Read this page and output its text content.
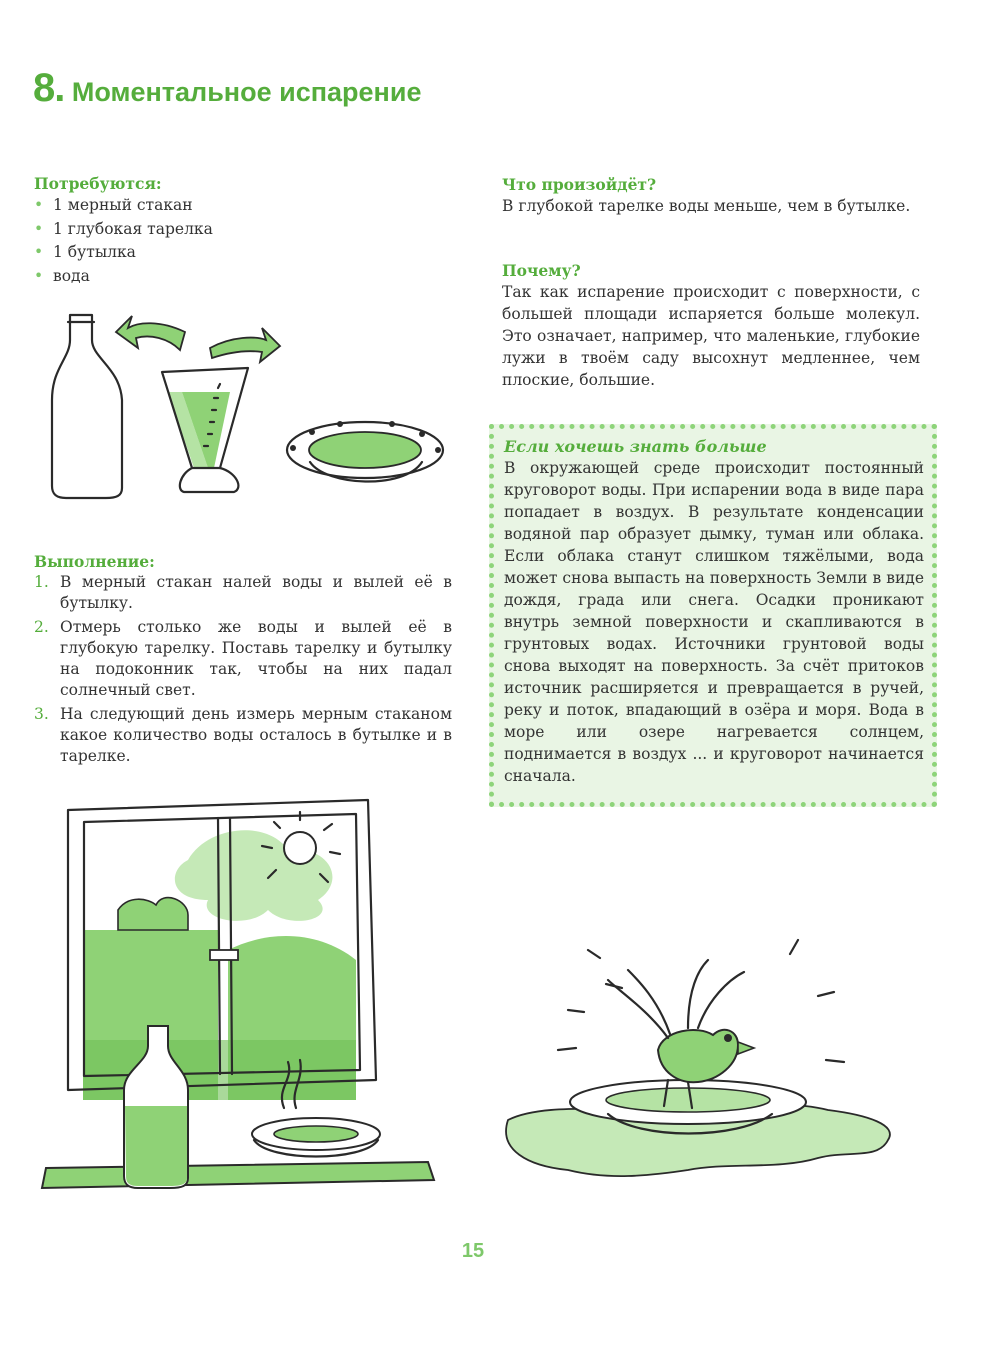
8. Моментальное испарение

Потребуются:

• 1 мерный стакан
• 1 глубокая тарелка
• 1 бутылка
• вода

Выполнение:

1. В мерный стакан налей воды и вылей её в бутылку.
2. Отмерь столько же воды и вылей её в глубокую тарелку. Поставь тарелку и бутылку на подоконник так, чтобы на них падал солнечный свет.
3. На следующий день измерь мерным стаканом какое количество воды осталось в бутылке и в тарелке.

Что произойдёт?

В глубокой тарелке воды меньше, чем в бутылке.

Почему?

Так как испарение происходит с поверхности, с большей площади испаряется больше молекул. Это означает, например, что маленькие, глубокие лужи в твоём саду высохнут медленнее, чем плоские, большие.

Если хочешь знать больше

В окружающей среде происходит постоянный круговорот воды. При испарении вода в виде пара попадает в воздух. В результате конденсации водяной пар образует дымку, туман или облака. Если облака станут слишком тяжёлыми, вода может снова выпасть на поверхность Земли в виде дождя, града или снега. Осадки проникают внутрь земной поверхности и скапливаются в грунтовых водах. Источники грунтовой воды снова выходят на поверхность. За счёт притоков источник расширяется и превращается в ручей, реку и поток, впадающий в озёра и моря. Вода в море или озере нагревается солнцем, поднимается в воздух ... и круговорот начинается сначала.
15
